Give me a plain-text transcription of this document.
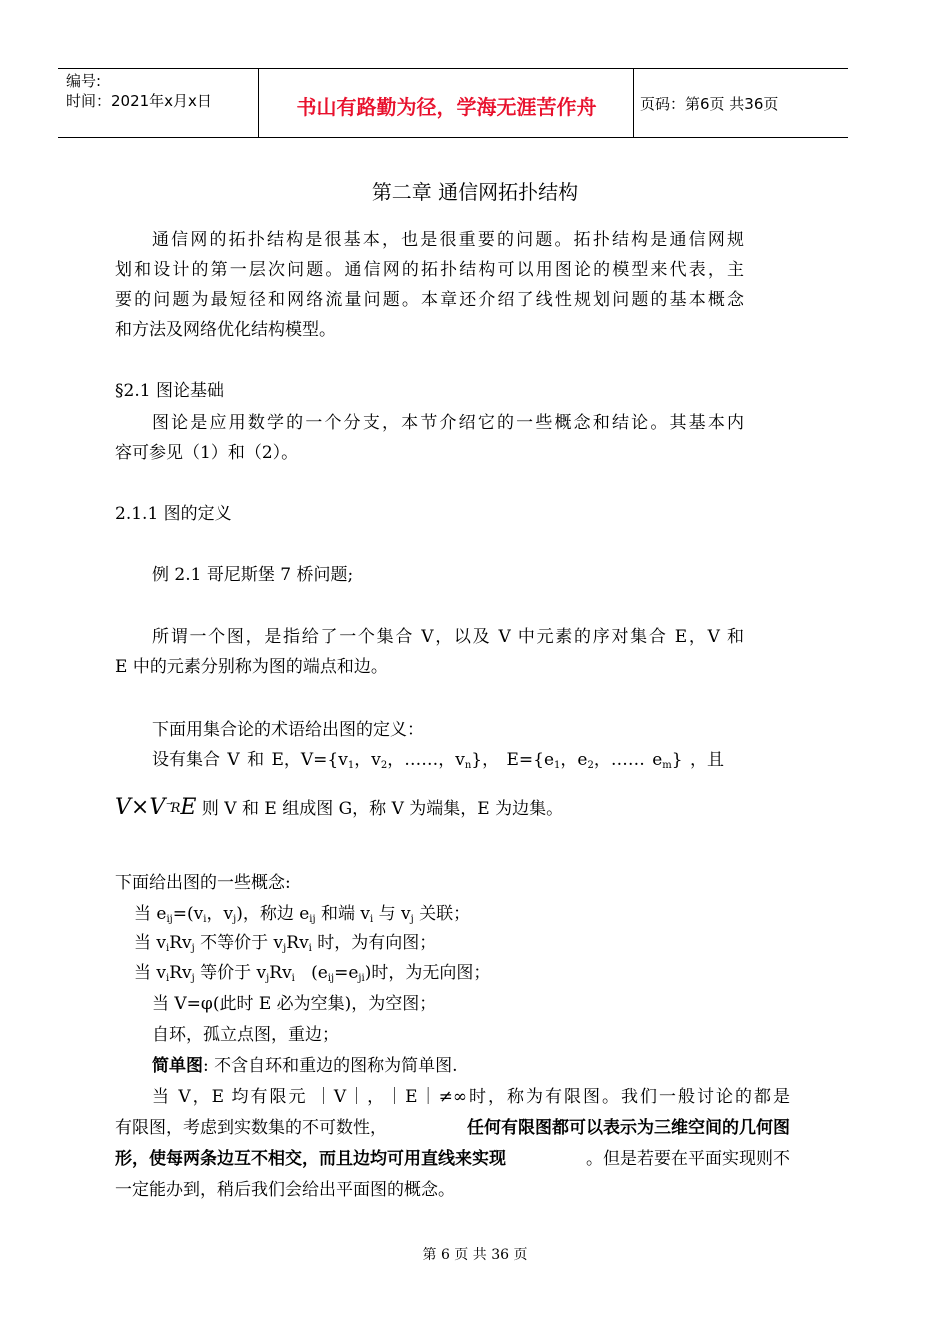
编号:
时间：2021年x月x日	书山有路勤为径，学海无涯苦作舟	页码：第6页 共36页
第二章 通信网拓扑结构
通信网的拓扑结构是很基本，也是很重要的问题。拓扑结构是通信网规
划和设计的第一层次问题。通信网的拓扑结构可以用图论的模型来代表，主
要的问题为最短径和网络流量问题。本章还介绍了线性规划问题的基本概念
和方法及网络优化结构模型。
§2.1 图论基础
图论是应用数学的一个分支，本节介绍它的一些概念和结论。其基本内
容可参见（1）和（2）。
2.1.1 图的定义
例 2.1 哥尼斯堡 7 桥问题;
所谓一个图，是指给了一个集合 V，以及 V 中元素的序对集合 E，V 和
E 中的元素分别称为图的端点和边。
下面用集合论的术语给出图的定义：
设有集合 V 和 E，$V=\{v_1$，$v_2$，……，$v_n$}， $E=\{e_1$，$e_2$，…… $e_m$} ，且
V×V RE 则 V 和 E 组成图 G，称 V 为端集，E 为边集。
下面给出图的一些概念:
当 $e_{ij}=(v_i$，$v_j$)，称边 $e_{ij}$ 和端 $v_i$ 与 $v_j$ 关联；
当 $v_iRv_j$ 不等价于 $v_jRv_i$ 时，为有向图；
当 $v_iRv_j$ 等价于 $v_jRv_i$   $(e_{ij}=e_{ji})$时，为无向图；
当 V=φ(此时 E 必为空集)，为空图；
自环，孤立点图，重边；
简单图: 不含自环和重边的图称为简单图.
当 V，E 均有限元 ｜V｜，｜E｜≠∞时，称为有限图。我们一般讨论的都是
有限图，考虑到实数集的不可数性，	任何有限图都可以表示为三维空间的几何图
形，使每两条边互不相交，而且边均可用直线来实现	。但是若要在平面实现则不
一定能办到，稍后我们会给出平面图的概念。
第 6 页 共 36 页
